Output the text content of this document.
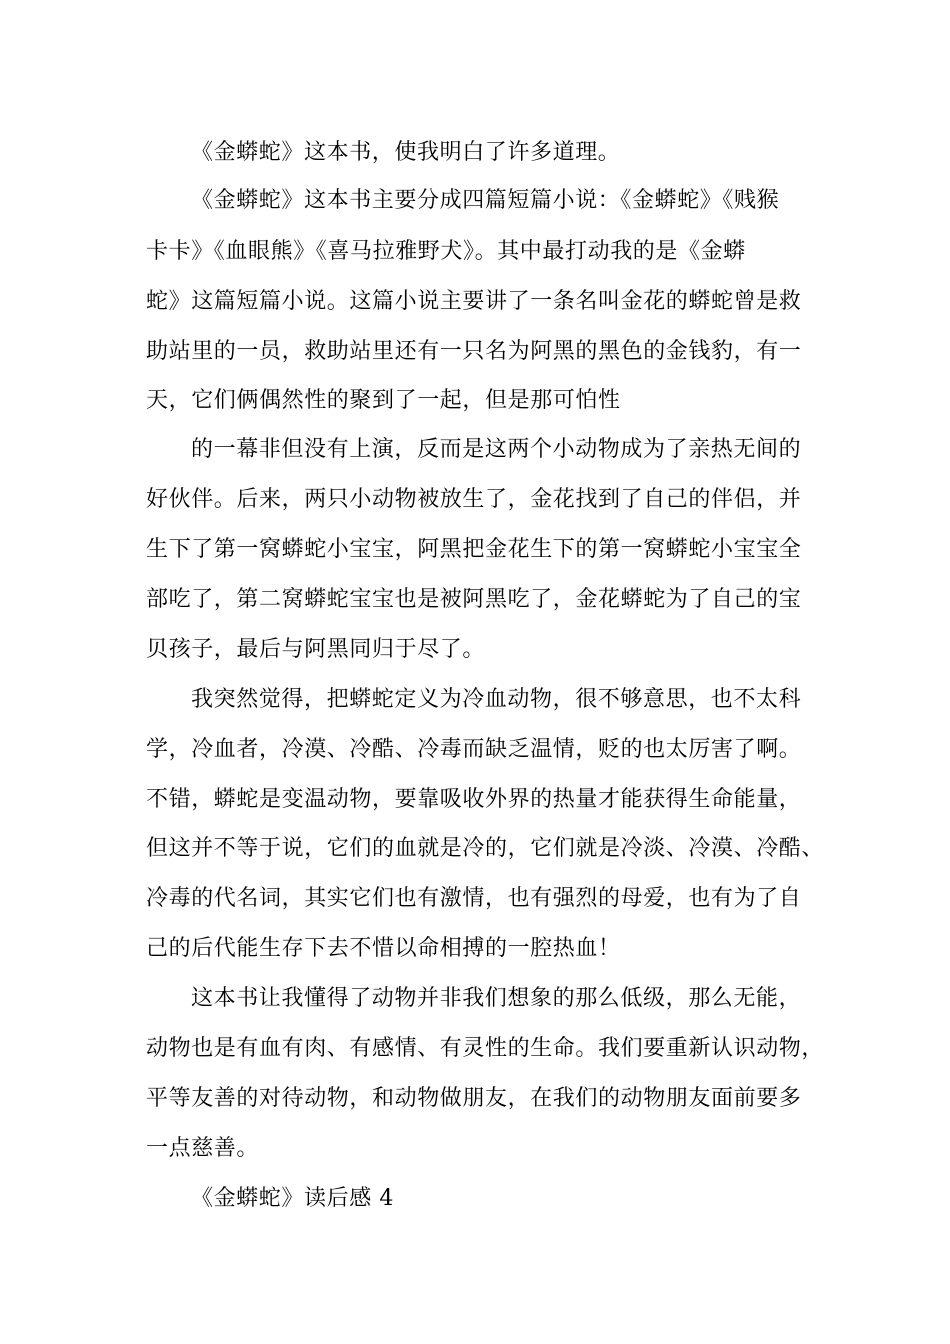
《金蟒蛇》这本书，使我明白了许多道理。
《金蟒蛇》这本书主要分成四篇短篇小说：《金蟒蛇》《贱猴
卡卡》《血眼熊》《喜马拉雅野犬》。其中最打动我的是《金蟒
蛇》这篇短篇小说。这篇小说主要讲了一条名叫金花的蟒蛇曾是救
助站里的一员，救助站里还有一只名为阿黑的黑色的金钱豹，有一
天，它们俩偶然性的聚到了一起，但是那可怕性
的一幕非但没有上演，反而是这两个小动物成为了亲热无间的
好伙伴。后来，两只小动物被放生了，金花找到了自己的伴侣，并
生下了第一窝蟒蛇小宝宝，阿黑把金花生下的第一窝蟒蛇小宝宝全
部吃了，第二窝蟒蛇宝宝也是被阿黑吃了，金花蟒蛇为了自己的宝
贝孩子，最后与阿黑同归于尽了。
我突然觉得，把蟒蛇定义为冷血动物，很不够意思，也不太科
学，冷血者，冷漠、冷酷、冷毒而缺乏温情，贬的也太厉害了啊。
不错，蟒蛇是变温动物，要靠吸收外界的热量才能获得生命能量，
但这并不等于说，它们的血就是冷的，它们就是冷淡、冷漠、冷酷、
冷毒的代名词，其实它们也有激情，也有强烈的母爱，也有为了自
己的后代能生存下去不惜以命相搏的一腔热血！
这本书让我懂得了动物并非我们想象的那么低级，那么无能，
动物也是有血有肉、有感情、有灵性的生命。我们要重新认识动物，
平等友善的对待动物，和动物做朋友，在我们的动物朋友面前要多
一点慈善。
《金蟒蛇》读后感 4
